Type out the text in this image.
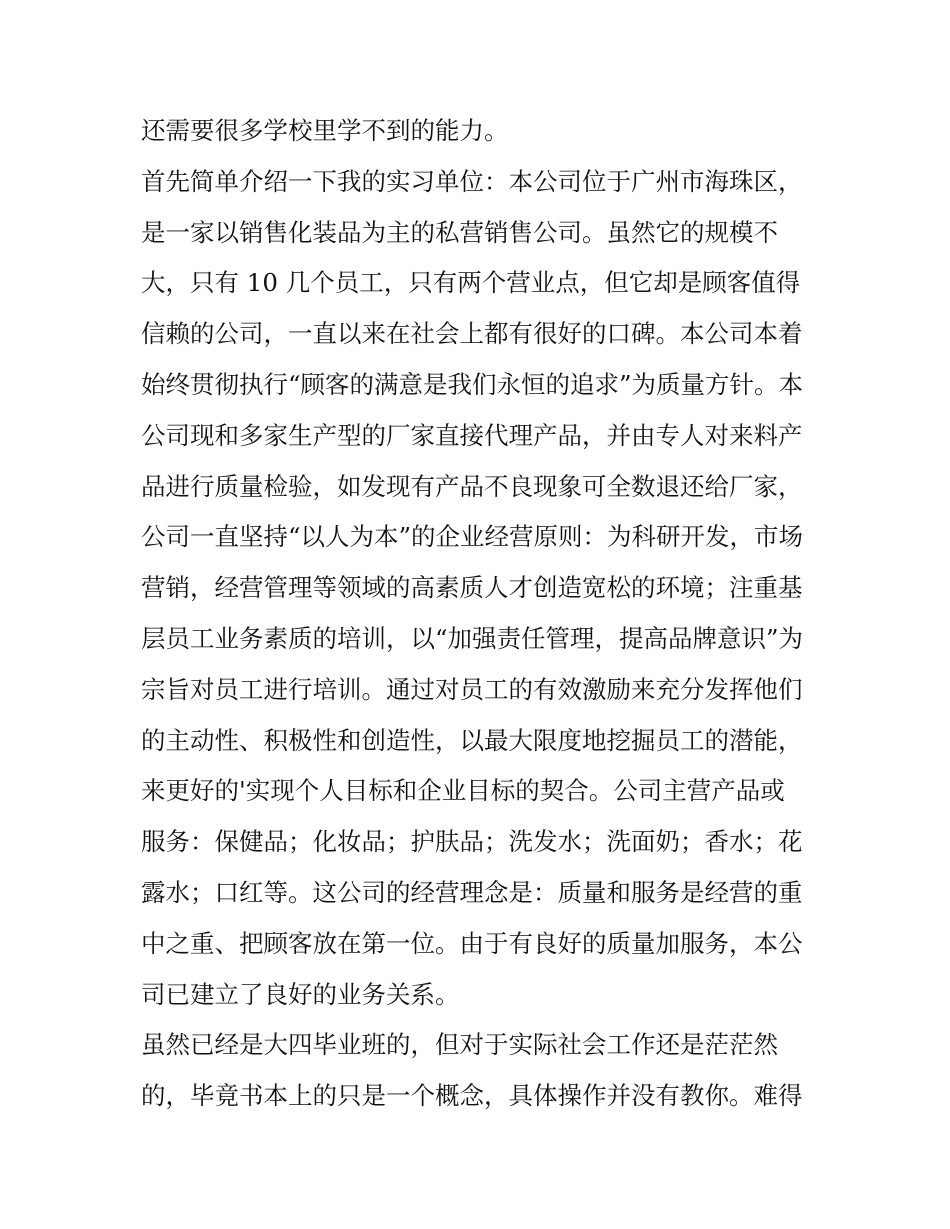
还需要很多学校里学不到的能力。
首先简单介绍一下我的实习单位：本公司位于广州市海珠区，
是一家以销售化装品为主的私营销售公司。虽然它的规模不
大，只有 10 几个员工，只有两个营业点，但它却是顾客值得
信赖的公司，一直以来在社会上都有很好的口碑。本公司本着
始终贯彻执行“顾客的满意是我们永恒的追求”为质量方针。本
公司现和多家生产型的厂家直接代理产品，并由专人对来料产
品进行质量检验，如发现有产品不良现象可全数退还给厂家，
公司一直坚持“以人为本”的企业经营原则：为科研开发，市场
营销，经营管理等领域的高素质人才创造宽松的环境；注重基
层员工业务素质的培训，以“加强责任管理，提高品牌意识”为
宗旨对员工进行培训。通过对员工的有效激励来充分发挥他们
的主动性、积极性和创造性，以最大限度地挖掘员工的潜能，
来更好的'实现个人目标和企业目标的契合。公司主营产品或
服务：保健品；化妆品；护肤品；洗发水；洗面奶；香水；花
露水；口红等。这公司的经营理念是：质量和服务是经营的重
中之重、把顾客放在第一位。由于有良好的质量加服务，本公
司已建立了良好的业务关系。
虽然已经是大四毕业班的，但对于实际社会工作还是茫茫然
的，毕竟书本上的只是一个概念，具体操作并没有教你。难得
